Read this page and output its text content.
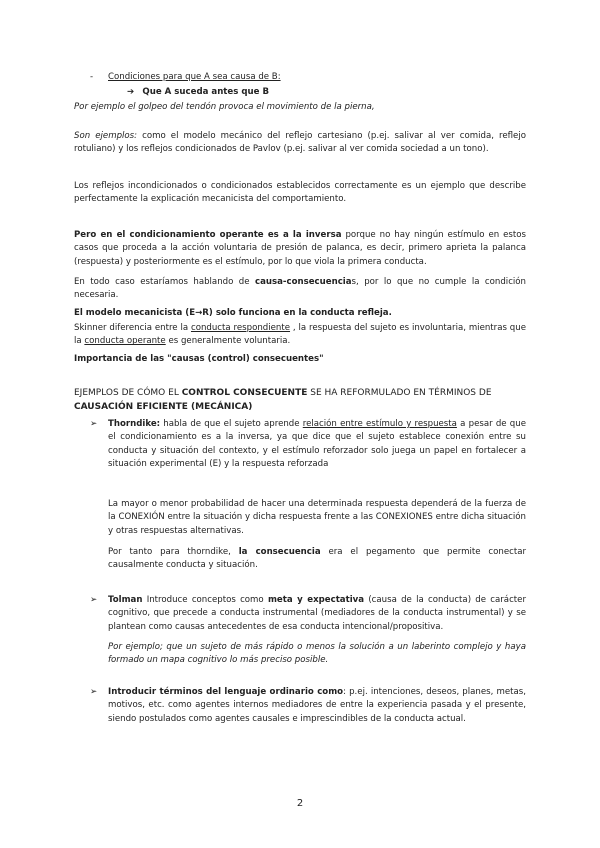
- Condiciones para que A sea causa de B:

➔ Que A suceda antes que B

Por ejemplo el golpeo del tendón provoca el movimiento de la pierna,

Son ejemplos: como el modelo mecánico del reflejo cartesiano (p.ej. salivar al ver comida, reflejo rotuliano) y los reflejos condicionados de Pavlov (p.ej. salivar al ver comida sociedad a un tono).

Los reflejos incondicionados o condicionados establecidos correctamente es un ejemplo que describe perfectamente la explicación mecanicista del comportamiento.

Pero en el condicionamiento operante es a la inversa porque no hay ningún estímulo en estos casos que proceda a la acción voluntaria de presión de palanca, es decir, primero aprieta la palanca (respuesta) y posteriormente es el estímulo, por lo que viola la primera conducta.

En todo caso estaríamos hablando de causa-consecuencias, por lo que no cumple la condición necesaria.

El modelo mecanicista (E→R) solo funciona en la conducta refleja.

Skinner diferencia entre la conducta respondiente , la respuesta del sujeto es involuntaria, mientras que la conducta operante es generalmente voluntaria.

Importancia de las "causas (control) consecuentes"

EJEMPLOS DE CÓMO EL CONTROL CONSECUENTE SE HA REFORMULADO EN TÉRMINOS DE
CAUSACIÓN EFICIENTE (MECÁNICA)

➢ Thorndike: habla de que el sujeto aprende relación entre estímulo y respuesta a pesar de que el condicionamiento es a la inversa, ya que dice que el sujeto establece conexión entre su conducta y situación del contexto, y el estímulo reforzador solo juega un papel en fortalecer a situación experimental (E) y la respuesta reforzada

La mayor o menor probabilidad de hacer una determinada respuesta dependerá de la fuerza de la CONEXIÓN entre la situación y dicha respuesta frente a las CONEXIONES entre dicha situación y otras respuestas alternativas.

Por tanto para thorndike, la consecuencia era el pegamento que permite conectar causalmente conducta y situación.

➢ Tolman Introduce conceptos como meta y expectativa (causa de la conducta) de carácter cognitivo, que precede a conducta instrumental (mediadores de la conducta instrumental) y se plantean como causas antecedentes de esa conducta intencional/propositiva.

Por ejemplo; que un sujeto de más rápido o menos la solución a un laberinto complejo y haya formado un mapa cognitivo lo más preciso posible.

➢ Introducir términos del lenguaje ordinario como: p.ej. intenciones, deseos, planes, metas, motivos, etc. como agentes internos mediadores de entre la experiencia pasada y el presente, siendo postulados como agentes causales e imprescindibles de la conducta actual.

2
